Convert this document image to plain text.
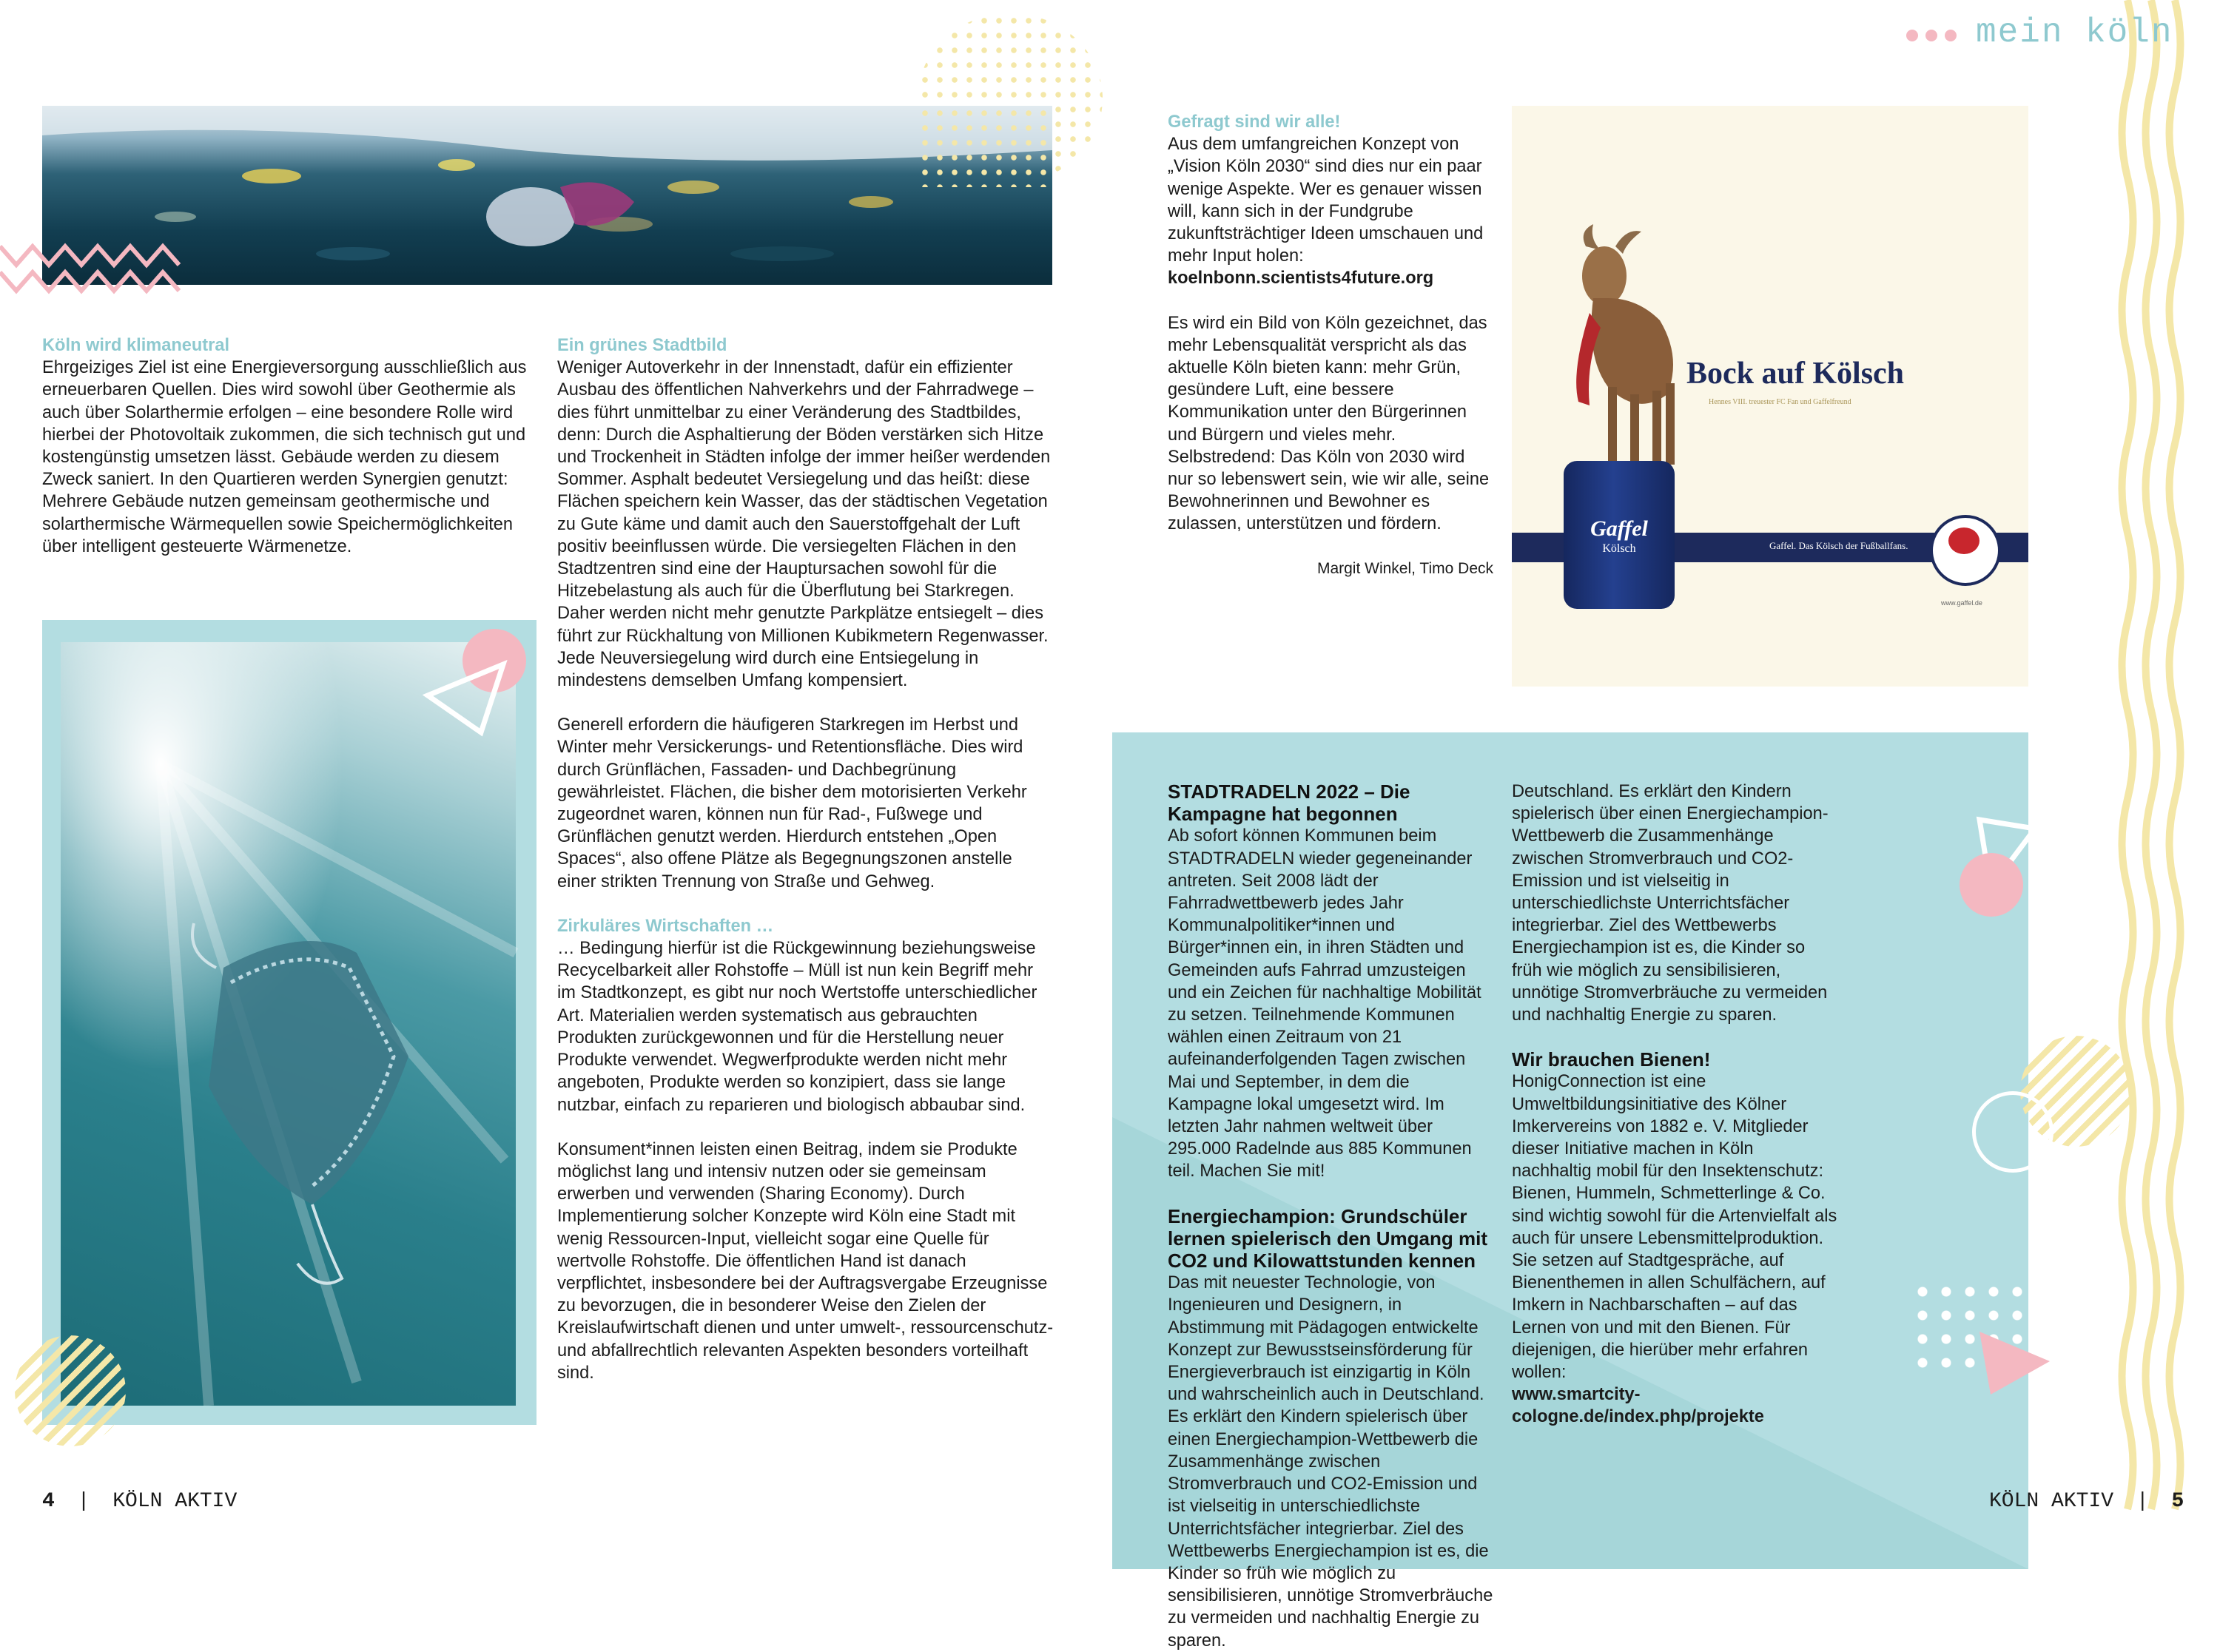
mein köln
Köln wird klimaneutral
Ehrgeiziges Ziel ist eine Energieversorgung ausschließlich aus erneuerbaren Quellen. Dies wird sowohl über Geothermie als auch über Solarthermie erfolgen – eine besondere Rolle wird hierbei der Photovoltaik zukommen, die sich technisch gut und kostengünstig umsetzen lässt. Gebäude werden zu diesem Zweck saniert. In den Quartieren werden Synergien genutzt: Mehrere Gebäude nutzen gemeinsam geothermische und solarthermische Wärmequellen sowie Speichermöglichkeiten über intelligent gesteuerte Wärmenetze.
Ein grünes Stadtbild

Weniger Autoverkehr in der Innenstadt, dafür ein effizienter Ausbau des öffentlichen Nahverkehrs und der Fahrradwege – dies führt unmittelbar zu einer Veränderung des Stadtbildes, denn: Durch die Asphaltierung der Böden verstärken sich Hitze und Trockenheit in Städten infolge der immer heißer werdenden Sommer. Asphalt bedeutet Versiegelung und das heißt: diese Flächen speichern kein Wasser, das der städtischen Vegetation zu Gute käme und damit auch den Sauerstoffgehalt der Luft positiv beeinflussen würde. Die versiegelten Flächen in den Stadtzentren sind eine der Hauptursachen sowohl für die Hitzebelastung als auch für die Überflutung bei Starkregen. Daher werden nicht mehr genutzte Parkplätze entsiegelt – dies führt zur Rückhaltung von Millionen Kubikmetern Regenwasser. Jede Neuversiegelung wird durch eine Entsiegelung in mindestens demselben Umfang kompensiert.

Generell erfordern die häufigeren Starkregen im Herbst und Winter mehr Versickerungs- und Retentionsfläche. Dies wird durch Grünflächen, Fassaden- und Dachbegrünung gewährleistet. Flächen, die bisher dem motorisierten Verkehr zugeordnet waren, können nun für Rad-, Fußwege und Grünflächen genutzt werden. Hierdurch entstehen „Open Spaces“, also offene Plätze als Begegnungszonen anstelle einer strikten Trennung von Straße und Gehweg.

Zirkuläres Wirtschaften …

… Bedingung hierfür ist die Rückgewinnung beziehungsweise Recycelbarkeit aller Rohstoffe – Müll ist nun kein Begriff mehr im Stadtkonzept, es gibt nur noch Wertstoffe unterschiedlicher Art. Materialien werden systematisch aus gebrauchten Produkten zurückgewonnen und für die Herstellung neuer Produkte verwendet. Wegwerfprodukte werden nicht mehr angeboten, Produkte werden so konzipiert, dass sie lange nutzbar, einfach zu reparieren und biologisch abbaubar sind.

Konsument*innen leisten einen Beitrag, indem sie Produkte möglichst lang und intensiv nutzen oder sie gemeinsam erwerben und verwenden (Sharing Economy). Durch Implementierung solcher Konzepte wird Köln eine Stadt mit wenig Ressourcen-Input, vielleicht sogar eine Quelle für wertvolle Rohstoffe. Die öffentlichen Hand ist danach verpflichtet, insbesondere bei der Auftragsvergabe Erzeugnisse zu bevorzugen, die in besonderer Weise den Zielen der Kreislaufwirtschaft dienen und unter umwelt-, ressourcenschutz- und abfallrechtlich relevanten Aspekten besonders vorteilhaft sind.

4 | KÖLN AKTIV
Gefragt sind wir alle!
Aus dem umfangreichen Konzept von „Vision Köln 2030“ sind dies nur ein paar wenige Aspekte. Wer es genauer wissen will, kann sich in der Fundgrube zukunftsträchtiger Ideen umschauen und mehr Input holen:
koelnbonn.scientists4future.org

Es wird ein Bild von Köln gezeichnet, das mehr Lebensqualität verspricht als das aktuelle Köln bieten kann: mehr Grün, gesündere Luft, eine bessere Kommunikation unter den Bürgerinnen und Bürgern und vieles mehr. Selbstredend: Das Köln von 2030 wird nur so lebenswert sein, wie wir alle, seine Bewohnerinnen und Bewohner es zulassen, unterstützen und fördern.

Margit Winkel, Timo Deck
Gaffel. Das Kölsch der Fußballfans.
Gaffel
Kölsch
Bock auf Kölsch
Hennes VIII. treuester FC Fan und Gaffelfreund
www.gaffel.de
STADTRADELN 2022 – Die Kampagne hat begonnen

Ab sofort können Kommunen beim STADTRADELN wieder gegeneinander antreten. Seit 2008 lädt der Fahrradwettbewerb jedes Jahr Kommunalpolitiker*innen und Bürger*innen ein, in ihren Städten und Gemeinden aufs Fahrrad umzusteigen und ein Zeichen für nachhaltige Mobilität zu setzen. Teilnehmende Kommunen wählen einen Zeitraum von 21 aufeinanderfolgenden Tagen zwischen Mai und September, in dem die Kampagne lokal umgesetzt wird. Im letzten Jahr nahmen weltweit über 295.000 Radelnde aus 885 Kommunen teil. Machen Sie mit!

Energiechampion: Grundschüler lernen spielerisch den Umgang mit CO2 und Kilowattstunden kennen
Das mit neuester Technologie, von Ingenieuren und Designern, in Abstimmung mit Pädagogen entwickelte Konzept zur Bewusstseinsförderung für Energieverbrauch ist einzigartig in Köln und wahrscheinlich auch in Deutschland. Es erklärt den Kindern spielerisch über einen Energiechampion-Wettbewerb die Zusammenhänge zwischen Stromverbrauch und CO2-Emission und ist vielseitig in unterschiedlichste Unterrichtsfächer integrierbar. Ziel des Wettbewerbs Energiechampion ist es, die Kinder so früh wie möglich zu sensibilisieren, unnötige Stromverbräuche zu vermeiden und nachhaltig Energie zu sparen.
Deutschland. Es erklärt den Kindern spielerisch über einen Energiechampion-Wettbewerb die Zusammenhänge zwischen Stromverbrauch und CO2-Emission und ist vielseitig in unterschiedlichste Unterrichtsfächer integrierbar. Ziel des Wettbewerbs Energiechampion ist es, die Kinder so früh wie möglich zu sensibilisieren, unnötige Stromverbräuche zu vermeiden und nachhaltig Energie zu sparen.
Wir brauchen Bienen!
HonigConnection ist eine Umweltbildungsinitiative des Kölner Imkervereins von 1882 e. V. Mitglieder dieser Initiative machen in Köln nachhaltig mobil für den Insektenschutz: Bienen, Hummeln, Schmetterlinge & Co. sind wichtig sowohl für die Artenvielfalt als auch für unsere Lebensmittelproduktion. Sie setzen auf Stadtgespräche, auf Bienenthemen in allen Schulfächern, auf Imkern in Nachbarschaften – auf das Lernen von und mit den Bienen. Für diejenigen, die hierüber mehr erfahren wollen:
www.smartcity-cologne.de/index.php/projekte
KÖLN AKTIV | 5
